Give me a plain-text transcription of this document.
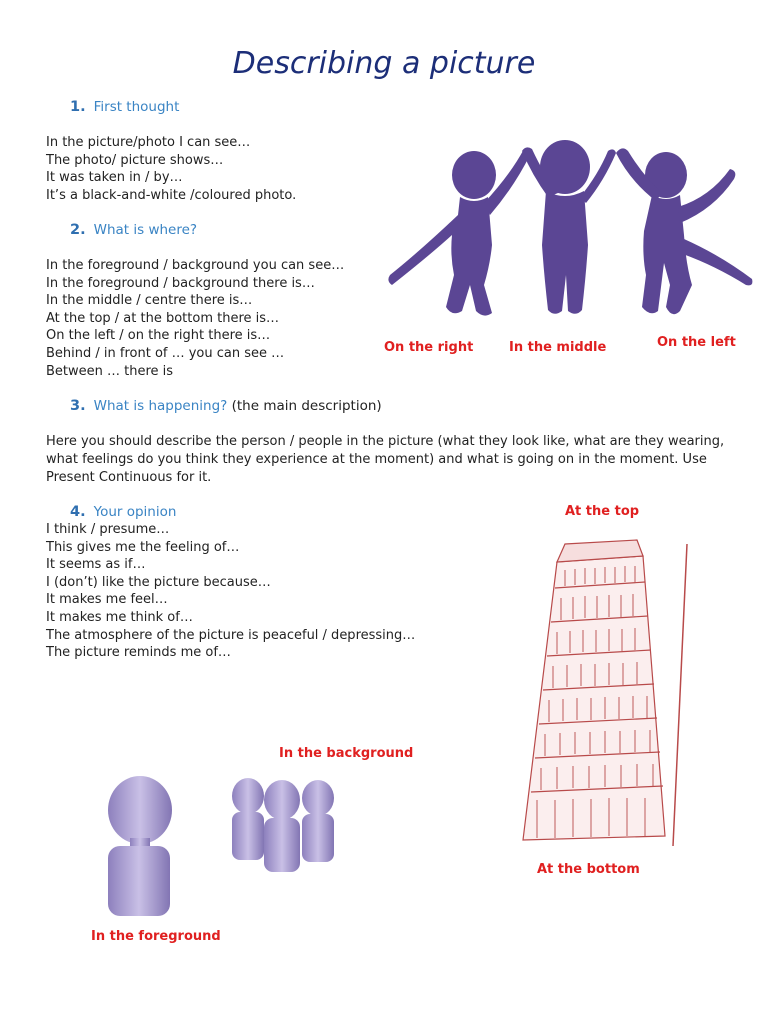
Describing a picture
1. First thought
In the picture/photo I can see…
The photo/ picture shows…
It was taken in / by…
It’s a black-and-white /coloured photo.
2. What is where?
In the foreground / background you can see…
In the foreground / background there is…
In the middle / centre there is…
At the top / at the bottom there is…
On the left / on the right there is…
Behind / in front of … you can see …
Between … there is
3. What is happening? (the main description)
Here you should describe the person / people in the picture (what they look like, what are they wearing, what feelings do you think they experience at the moment) and what is going on in the moment. Use Present Continuous for it.
4. Your opinion
I think / presume…
This gives me the feeling of…
It seems as if…
I (don’t) like the picture because…
It makes me feel…
It makes me think of…
The atmosphere of the picture is peaceful / depressing…
The picture reminds me of…
On the right	In the middle	On the left
At the top
At the bottom
In the background
In the foreground
